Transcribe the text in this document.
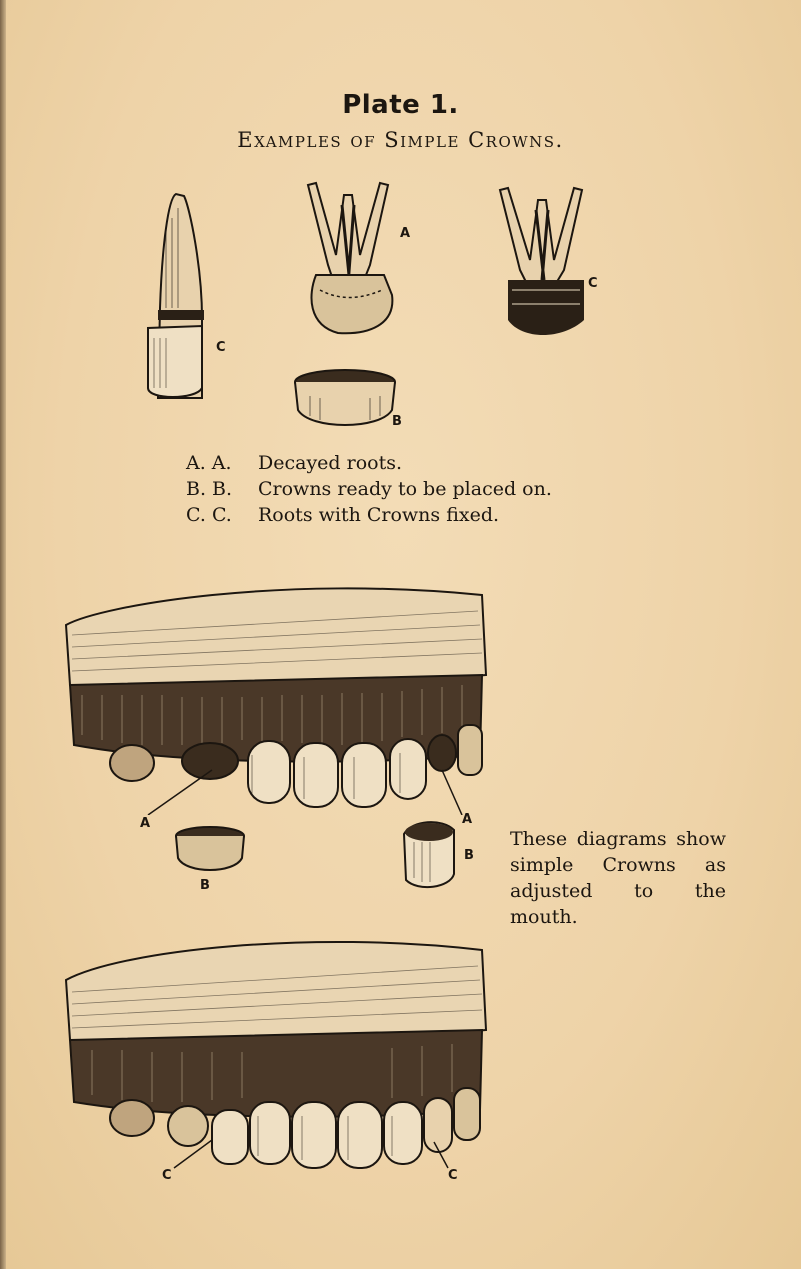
Plate 1.
Examples of Simple Crowns.
C
A
C
B
A. A. Decayed roots.
B. B. Crowns ready to be placed on.
C. C. Roots with Crowns fixed.
A	A
B
B
These diagrams show simple Crowns as adjusted to the mouth.
C	C
